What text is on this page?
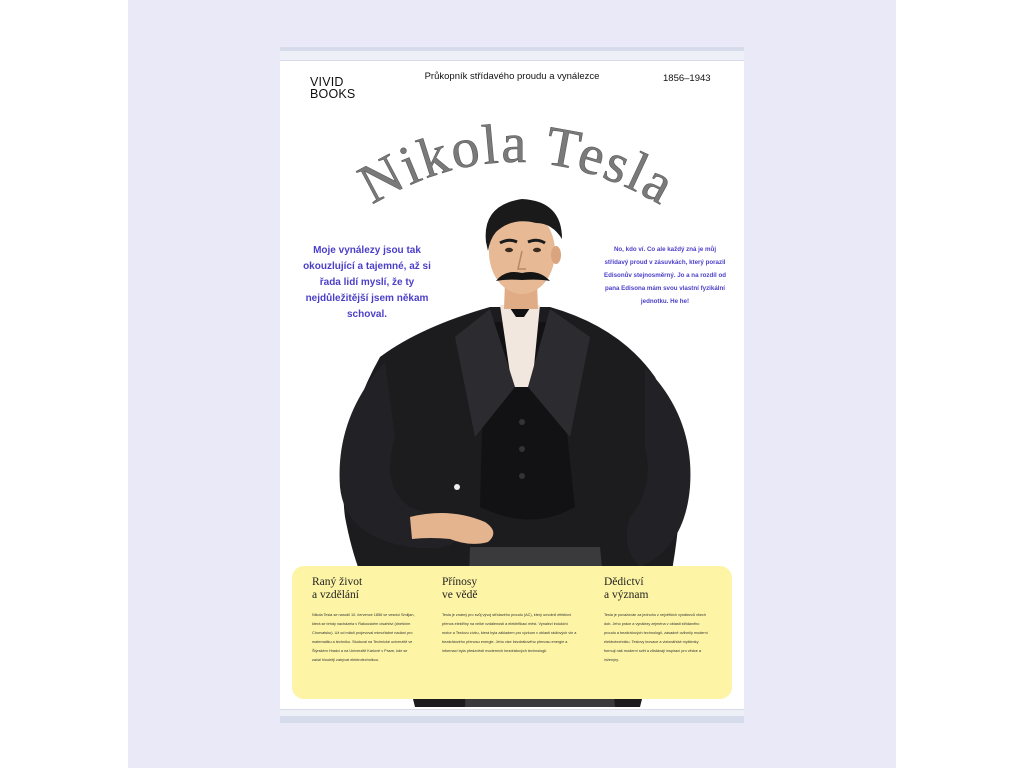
VIVID
BOOKS
Průkopník střídavého proudu a vynálezce	1856–1943
Nikola Tesla
Moje vynálezy jsou tak okouzlující a tajemné, až si řada lidí myslí, že ty nejdůležitější jsem někam schoval.
No, kdo ví. Co ale každý zná je můj střídavý proud v zásuvkách, který porazil Edisonův stejnosměrný. Jo a na rozdíl od pana Edisona mám svou vlastní fyzikální jednotku. He he!
Raný život
a vzdělání

Nikola Tesla se narodil 10. července 1856 ve vesnici Smiljan, která se tehdy nacházela v Rakouském císařství (dnešním Chorvatsku). Už od mládí projevoval mimořádné nadání pro matematiku a techniku. Studoval na Technické univerzitě ve Štýrském Hradci a na Univerzitě Karlově v Praze, kde se začal hlouběji zabývat elektrotechnikou.

Přínosy
ve vědě

Tesla je známý pro svůj vývoj střídavého proudu (AC), který umožnil efektivní přenos elektřiny na velké vzdálenosti a elektrifikaci měst. Vynalezl indukční motor a Teslovu cívku, která byla základem pro výzkum v oblasti rádiových vln a bezdrátového přenosu energie. Jeho vize bezdrátového přenosu energie a informací byla předzvěstí moderních bezdrátových technologií.

Dědictví
a význam

Tesla je považován za jednoho z největších vynálezců všech dob. Jeho práce a vynálezy zejména v oblasti střídavého proudu a bezdrátových technologií, zásadně ovlivnily moderní elektrotechniku. Teslovy inovace a vizionářské myšlenky formují náš moderní svět a zůstávají inspirací pro vědce a inženýry.
